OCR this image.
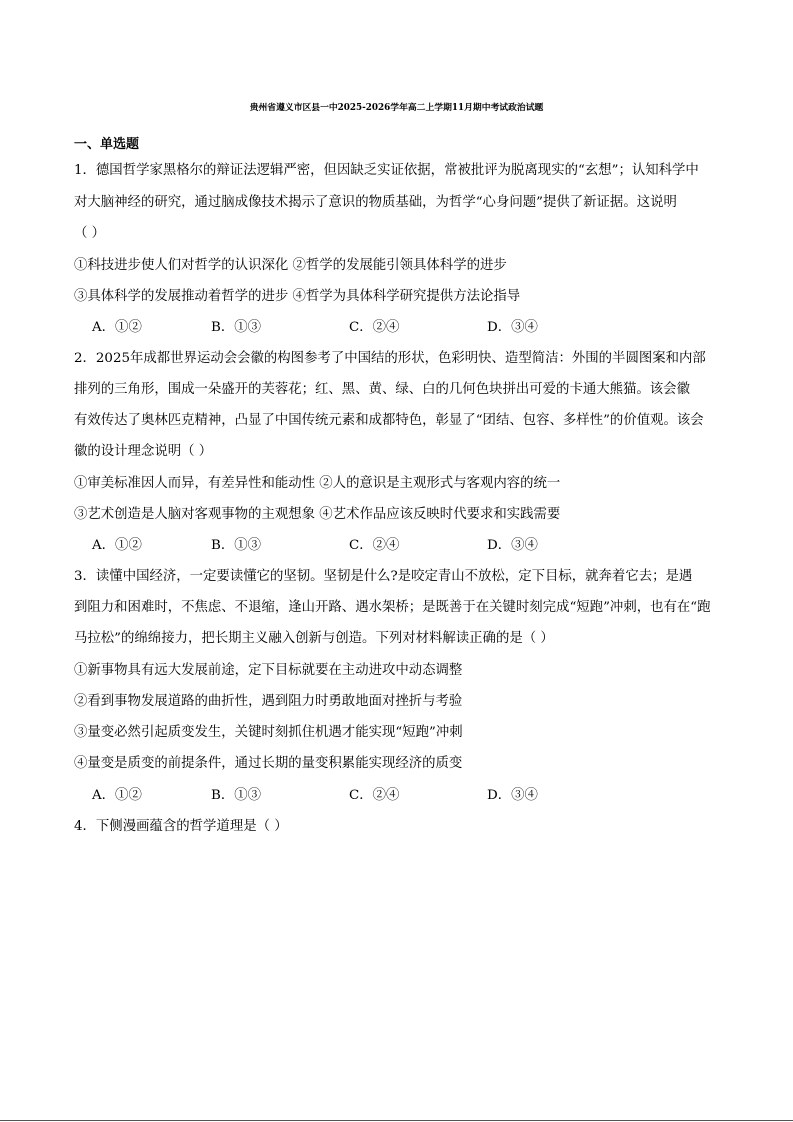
贵州省遵义市区县一中2025-2026学年高二上学期11月期中考试政治试题
一、单选题
1．德国哲学家黑格尔的辩证法逻辑严密，但因缺乏实证依据，常被批评为脱离现实的“玄想”；认知科学中
对大脑神经的研究，通过脑成像技术揭示了意识的物质基础，为哲学“心身问题”提供了新证据。这说明
（ ）
①科技进步使人们对哲学的认识深化 ②哲学的发展能引领具体科学的进步
③具体科学的发展推动着哲学的进步 ④哲学为具体科学研究提供方法论指导
A．①②	B．①③	C．②④	D．③④
2．2025年成都世界运动会会徽的构图参考了中国结的形状，色彩明快、造型简洁：外围的半圆图案和内部
排列的三角形，围成一朵盛开的芙蓉花；红、黑、黄、绿、白的几何色块拼出可爱的卡通大熊猫。该会徽
有效传达了奥林匹克精神，凸显了中国传统元素和成都特色，彰显了“团结、包容、多样性”的价值观。该会
徽的设计理念说明（ ）
①审美标准因人而异，有差异性和能动性 ②人的意识是主观形式与客观内容的统一
③艺术创造是人脑对客观事物的主观想象 ④艺术作品应该反映时代要求和实践需要
A．①②	B．①③	C．②④	D．③④
3．读懂中国经济，一定要读懂它的坚韧。坚韧是什么?是咬定青山不放松，定下目标，就奔着它去；是遇
到阻力和困难时，不焦虑、不退缩，逢山开路、遇水架桥；是既善于在关键时刻完成“短跑”冲刺，也有在“跑
马拉松”的绵绵接力，把长期主义融入创新与创造。下列对材料解读正确的是（ ）
①新事物具有远大发展前途，定下目标就要在主动进攻中动态调整
②看到事物发展道路的曲折性，遇到阻力时勇敢地面对挫折与考验
③量变必然引起质变发生，关键时刻抓住机遇才能实现“短跑”冲刺
④量变是质变的前提条件，通过长期的量变积累能实现经济的质变
A．①②	B．①③	C．②④	D．③④
4．下侧漫画蕴含的哲学道理是（ ）
